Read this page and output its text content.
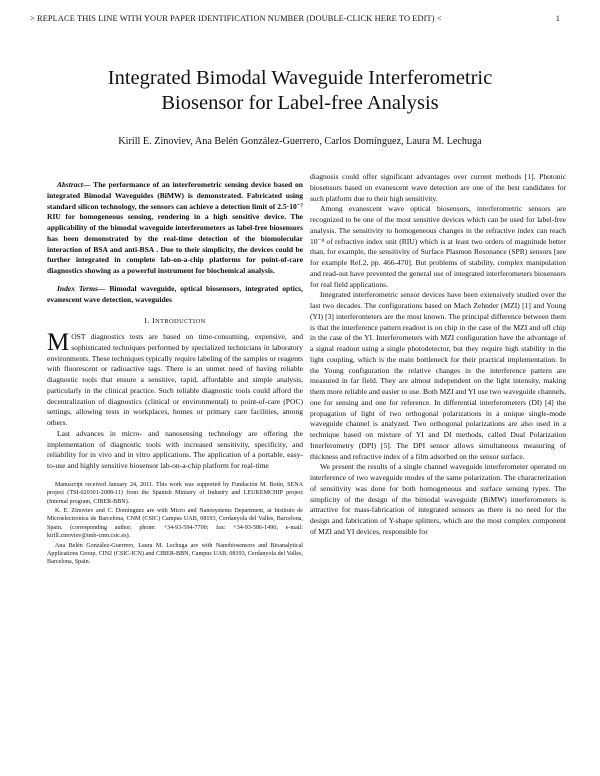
> REPLACE THIS LINE WITH YOUR PAPER IDENTIFICATION NUMBER (DOUBLE-CLICK HERE TO EDIT) <	1
Integrated Bimodal Waveguide Interferometric
Biosensor for Label-free Analysis
Kirill E. Zinoviev, Ana Belén González-Guerrero, Carlos Domínguez, Laura M. Lechuga

Abstract— The performance of an interferometric sensing device based on integrated Bimodal Waveguides (BiMW) is demonstrated. Fabricated using standard silicon technology, the sensors can achieve a detection limit of 2.5·10⁻⁷ RIU for homogeneous sensing, rendering in a high sensitive device. The applicability of the bimodal waveguide interferometers as label-free biosensors has been demonstrated by the real-time detection of the biomolecular interaction of BSA and anti-BSA . Due to their simplicity, the devices could be further integrated in complete lab-on-a-chip platforms for point-of-care diagnostics showing as a powerful instrument for biochemical analysis.

Index Terms— Bimodal waveguide, optical biosensors, integrated optics, evanescent wave detection, waveguides

I. INTRODUCTION

MOST diagnostics tests are based on time-consuming, expensive, and sophisticated techniques performed by specialized technicians in laboratory environments. These techniques typically require labeling of the samples or reagents with fluorescent or radioactive tags. There is an unmet need of having reliable diagnostic tools that ensure a sensitive, rapid, affordable and simple analysis, particularly in the clinical practice. Such reliable diagnostic tools could afford the decentralization of diagnostics (clinical or environmental) to point-of-care (POC) settings, allowing tests in workplaces, homes or primary care facilities, among others.

Last advances in micro- and nanosensing technology are offering the implementation of diagnostic tools with increased sensitivity, specificity, and reliability for in vivo and in vitro applications. The application of a portable, easy-to-use and highly sensitive biosensor lab-on-a-chip platform for real-time

Manuscript received January 24, 2011. This work was supported by Fundación M. Botín, SENA project (TSI-020301-2008-11) from the Spanish Ministry of Industry and LEUKEMCHIP project (Internal program, CIBER-BBN).

K. E. Zinoviev and C. Domínguez are with Micro and Nanosystems Department, at Instituto de Microelectronica de Barcelona, CNM (CSIC) Campus UAB, 08193, Cerdanyola del Valles, Barcelona, Spain. (corresponding author, phone: +34-93-594-7700; fax: +34-93-586-1496; e-mail: kirill.zinoviev@imb-cnm.csic.es).

Ana Belén González-Guerrero, Laura M. Lechuga are with Nanobiosensors and Bioanalytical Applications Group, CIN2 (CSIC-ICN) and CIBER-BBN, Campus UAB, 08193, Cerdanyola del Valles, Barcelona, Spain.

diagnosis could offer significant advantages over current methods [1]. Photonic biosensors based on evanescent wave detection are one of the best candidates for such platform due to their high sensitivity.

Among evanescent wave optical biosensors, interferometric sensors are recognized to be one of the most sensitive devices which can be used for label-free analysis. The sensitivity to homogeneous changes in the refractive index can reach 10⁻⁸ of refractive index unit (RIU) which is at least two orders of magnitude better than, for example, the sensitivity of Surface Plasmon Resonance (SPR) sensors [see for example Ref.2, pp. 466-470]. But problems of stability, complex manipulation and read-out have prevented the general use of integrated interferometers biosensors for real field applications.

Integrated interferometric sensor devices have been extensively studied over the last two decades. The configurations based on Mach Zehnder (MZI) [1] and Young (YI) [3] interferometers are the most known. The principal difference between them is that the interference pattern readout is on chip in the case of the MZI and off chip in the case of the YI. Interferometers with MZI configuration have the advantage of a signal readout using a single photodetector, but they require high stability in the light coupling, which is the main bottleneck for their practical implementation. In the Young configuration the relative changes in the interference pattern are measured in far field. They are almost independent on the light intensity, making them more reliable and easier to use. Both MZI and YI use two waveguide channels, one for sensing and one for reference. In differential interferometers (DI) [4] the propagation of light of two orthogonal polarizations in a unique single-mode waveguide channel is analyzed. Two orthogonal polarizations are also used in a technique based on mixture of YI and DI methods, called Dual Polarization Interferometry (DPI) [5]. The DPI sensor allows simultaneous measuring of thickness and refractive index of a film adsorbed on the sensor surface.

We present the results of a single channel waveguide interferometer operated on interference of two waveguide modes of the same polarization. The characterization of sensitivity was done for both homogeneous and surface sensing types. The simplicity of the design of the bimodal waveguide (BiMW) interferometers is attractive for mass-fabrication of integrated sensors as there is no need for the design and fabrication of Y-shape splitters, which are the most complex component of MZI and YI devices, responsible for
